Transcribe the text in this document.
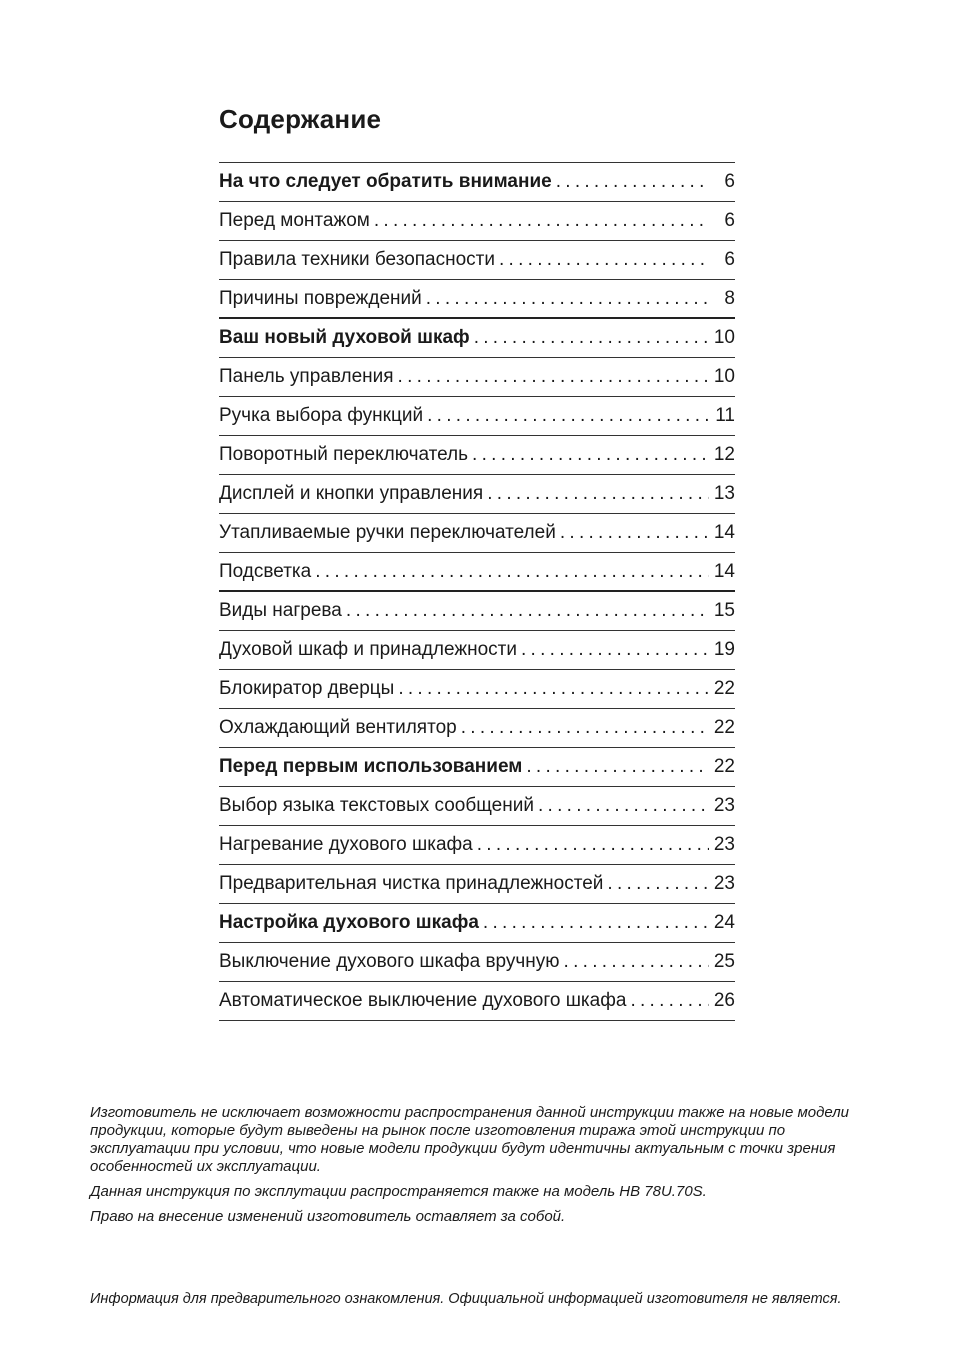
Содержание
На что следует обратить внимание . . .	6
Перед монтажом . . .	6
Правила техники безопасности . . .	6
Причины повреждений . . .	8
Ваш новый духовой шкаф . . .	10
Панель управления . . .	10
Ручка выбора функций . . .	11
Поворотный переключатель . . .	12
Дисплей и кнопки управления . . .	13
Утапливаемые ручки переключателей . . .	14
Подсветка . . .	14
Виды нагрева . . .	15
Духовой шкаф и принадлежности . . .	19
Блокиратор дверцы . . .	22
Охлаждающий вентилятор . . .	22
Перед первым использованием . . .	22
Выбор языка текстовых сообщений . . .	23
Нагревание духового шкафа . . .	23
Предварительная чистка принадлежностей . . .	23
Настройка духового шкафа . . .	24
Выключение духового шкафа вручную . . .	25
Автоматическое выключение духового шкафа . . .	26

Изготовитель не исключает возможности распространения данной инструкции также на новые модели продукции, которые будут выведены на рынок после изготовления тиража этой инструкции по эксплуатации при условии, что новые модели продукции будут идентичны актуальным с точки зрения особенностей их эксплуатации.

Данная инструкция по эксплутации распространяется также на модель HB 78U.70S.

Право на внесение изменений изготовитель оставляет за собой.

Информация для предварительного ознакомления. Официальной информацией изготовителя не является.
